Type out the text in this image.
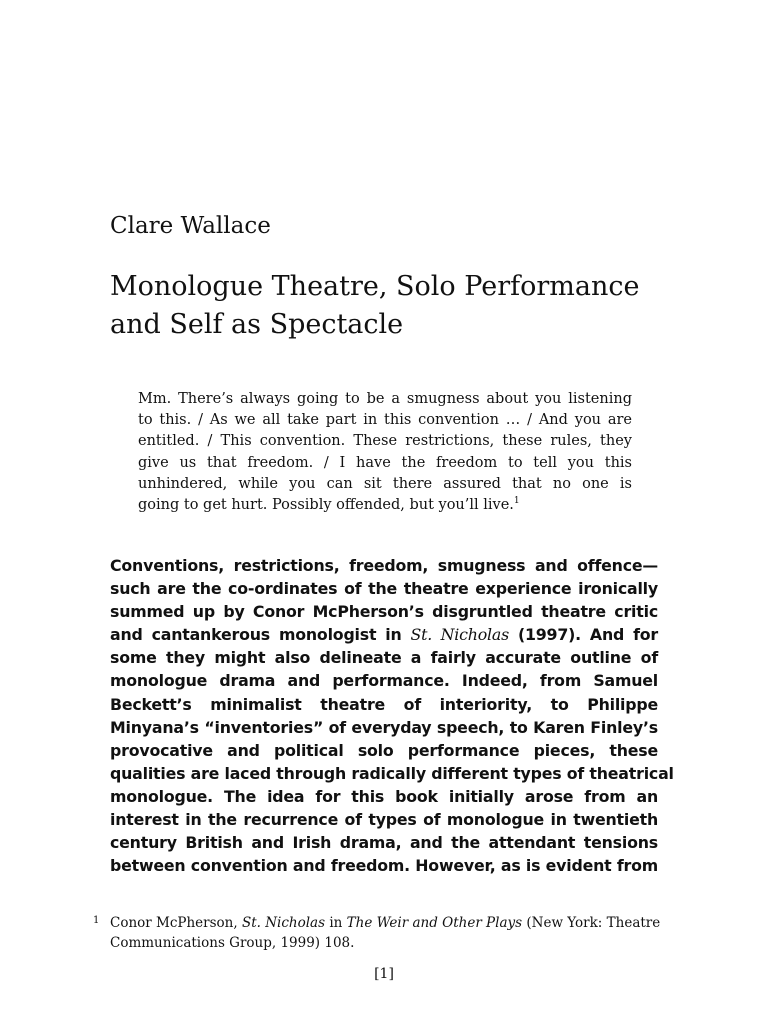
Clare Wallace
Monologue Theatre, Solo Performance
and Self as Spectacle
Mm. There’s always going to be a smugness about you listening
to this. / As we all take part in this convention … / And you are
entitled. / This convention. These restrictions, these rules, they
give us that freedom. / I have the freedom to tell you this
unhindered, while you can sit there assured that no one is
going to get hurt. Possibly offended, but you’ll live.$^1$
Conventions, restrictions, freedom, smugness and offence—
such are the co-ordinates of the theatre experience ironically
summed up by Conor McPherson’s disgruntled theatre critic
and cantankerous monologist in St. Nicholas (1997). And for
some they might also delineate a fairly accurate outline of
monologue drama and performance. Indeed, from Samuel
Beckett’s minimalist theatre of interiority, to Philippe
Minyana’s “inventories” of everyday speech, to Karen Finley’s
provocative and political solo performance pieces, these
qualities are laced through radically different types of theatrical
monologue. The idea for this book initially arose from an
interest in the recurrence of types of monologue in twentieth
century British and Irish drama, and the attendant tensions
between convention and freedom. However, as is evident from
1 Conor McPherson, St. Nicholas in The Weir and Other Plays (New York: Theatre
Communications Group, 1999) 108.
[1]
